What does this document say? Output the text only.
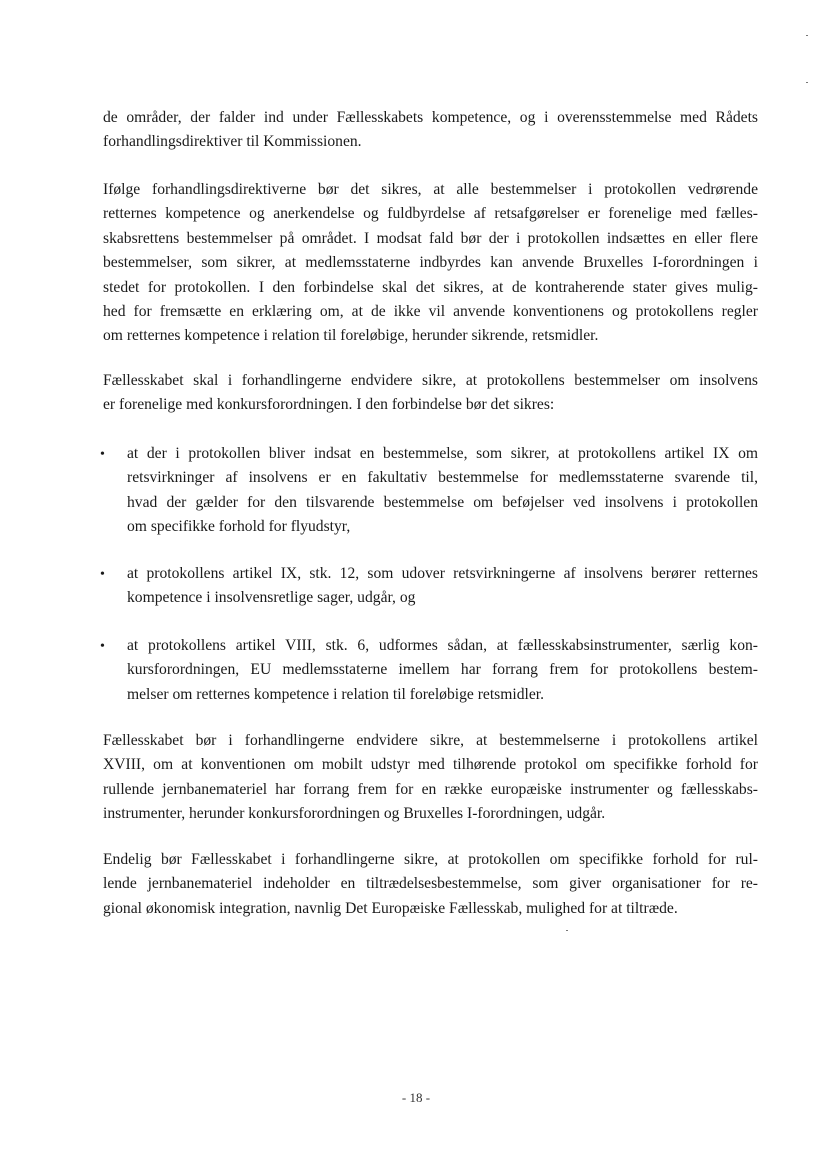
de områder, der falder ind under Fællesskabets kompetence, og i overensstemmelse med Rådets
forhandlingsdirektiver til Kommissionen.
Ifølge forhandlingsdirektiverne bør det sikres, at alle bestemmelser i protokollen vedrørende
retternes kompetence og anerkendelse og fuldbyrdelse af retsafgørelser er forenelige med fælles-
skabsrettens bestemmelser på området. I modsat fald bør der i protokollen indsættes en eller flere
bestemmelser, som sikrer, at medlemsstaterne indbyrdes kan anvende Bruxelles I-forordningen i
stedet for protokollen. I den forbindelse skal det sikres, at de kontraherende stater gives mulig-
hed for fremsætte en erklæring om, at de ikke vil anvende konventionens og protokollens regler
om retternes kompetence i relation til foreløbige, herunder sikrende, retsmidler.
Fællesskabet skal i forhandlingerne endvidere sikre, at protokollens bestemmelser om insolvens
er forenelige med konkursforordningen. I den forbindelse bør det sikres:
• at der i protokollen bliver indsat en bestemmelse, som sikrer, at protokollens artikel IX om
retsvirkninger af insolvens er en fakultativ bestemmelse for medlemsstaterne svarende til,
hvad der gælder for den tilsvarende bestemmelse om beføjelser ved insolvens i protokollen
om specifikke forhold for flyudstyr,
• at protokollens artikel IX, stk. 12, som udover retsvirkningerne af insolvens berører retternes
kompetence i insolvensretlige sager, udgår, og
• at protokollens artikel VIII, stk. 6, udformes sådan, at fællesskabsinstrumenter, særlig kon-
kursforordningen, EU medlemsstaterne imellem har forrang frem for protokollens bestem-
melser om retternes kompetence i relation til foreløbige retsmidler.
Fællesskabet bør i forhandlingerne endvidere sikre, at bestemmelserne i protokollens artikel
XVIII, om at konventionen om mobilt udstyr med tilhørende protokol om specifikke forhold for
rullende jernbanemateriel har forrang frem for en række europæiske instrumenter og fællesskabs-
instrumenter, herunder konkursforordningen og Bruxelles I-forordningen, udgår.
Endelig bør Fællesskabet i forhandlingerne sikre, at protokollen om specifikke forhold for rul-
lende jernbanemateriel indeholder en tiltrædelsesbestemmelse, som giver organisationer for re-
gional økonomisk integration, navnlig Det Europæiske Fællesskab, mulighed for at tiltræde.
- 18 -
